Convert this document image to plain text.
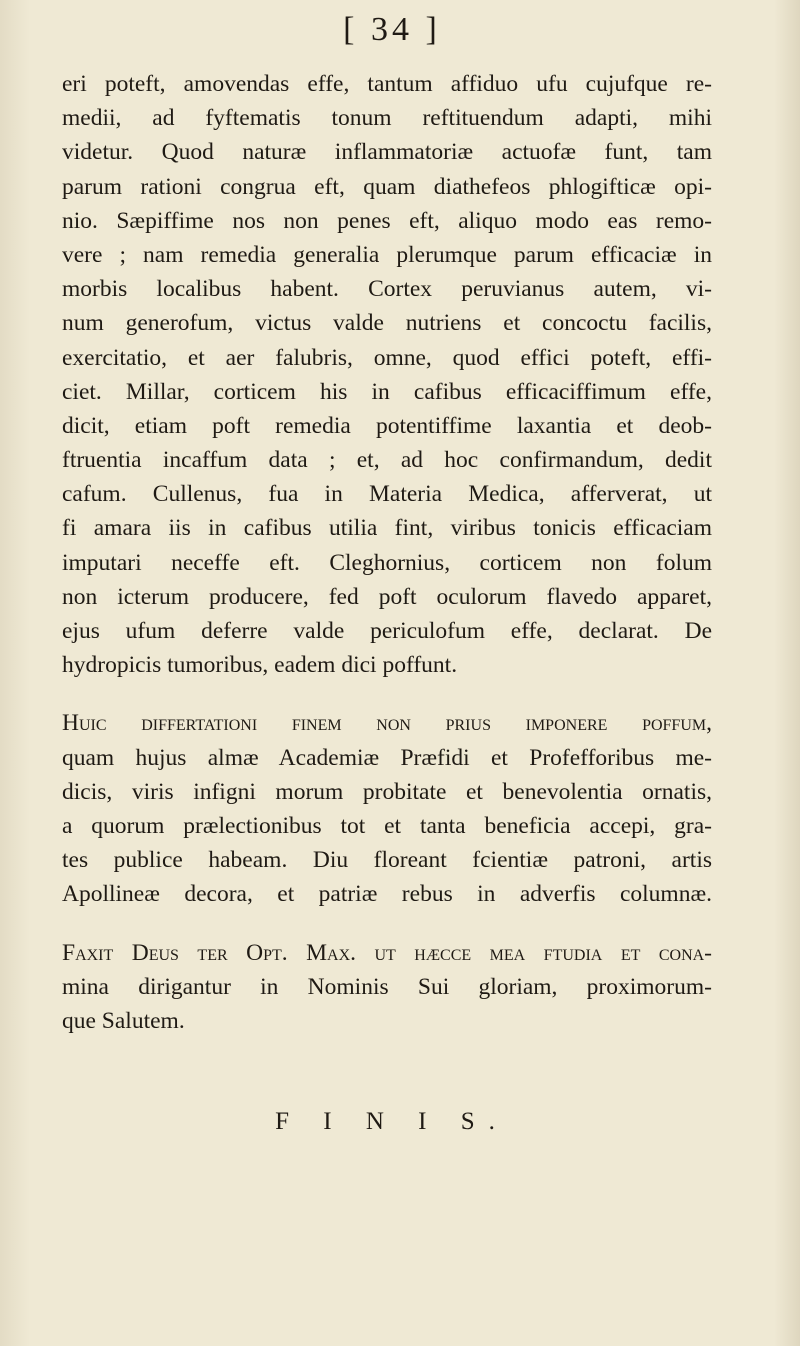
[ 34 ]
eri poteft, amovendas effe, tantum affiduo ufu cujufque re-
medii, ad fyftematis tonum reftituendum adapti, mihi
videtur. Quod naturæ inflammatoriæ actuofæ funt, tam
parum rationi congrua eft, quam diathefeos phlogifticæ opi-
nio. Sæpiffime nos non penes eft, aliquo modo eas remo-
vere ; nam remedia generalia plerumque parum efficaciæ in
morbis localibus habent. Cortex peruvianus autem, vi-
num generofum, victus valde nutriens et concoctu facilis,
exercitatio, et aer falubris, omne, quod effici poteft, effi-
ciet. Millar, corticem his in cafibus efficaciffimum effe,
dicit, etiam poft remedia potentiffime laxantia et deob-
ftruentia incaffum data ; et, ad hoc confirmandum, dedit
cafum. Cullenus, fua in Materia Medica, afferverat, ut
fi amara iis in cafibus utilia fint, viribus tonicis efficaciam
imputari neceffe eft. Cleghornius, corticem non folum
non icterum producere, fed poft oculorum flavedo apparet,
ejus ufum deferre valde periculofum effe, declarat. De
hydropicis tumoribus, eadem dici poffunt.
Huic differtationi finem non prius imponere poffum,
quam hujus almæ Academiæ Præfidi et Profefforibus me-
dicis, viris infigni morum probitate et benevolentia ornatis,
a quorum prælectionibus tot et tanta beneficia accepi, gra-
tes publice habeam. Diu floreant fcientiæ patroni, artis
Apollineæ decora, et patriæ rebus in adverfis columnæ.
Faxit Deus ter Opt. Max. ut hæcce mea ftudia et cona-
mina dirigantur in Nominis Sui gloriam, proximorum-
que Salutem.
F I N I S.
